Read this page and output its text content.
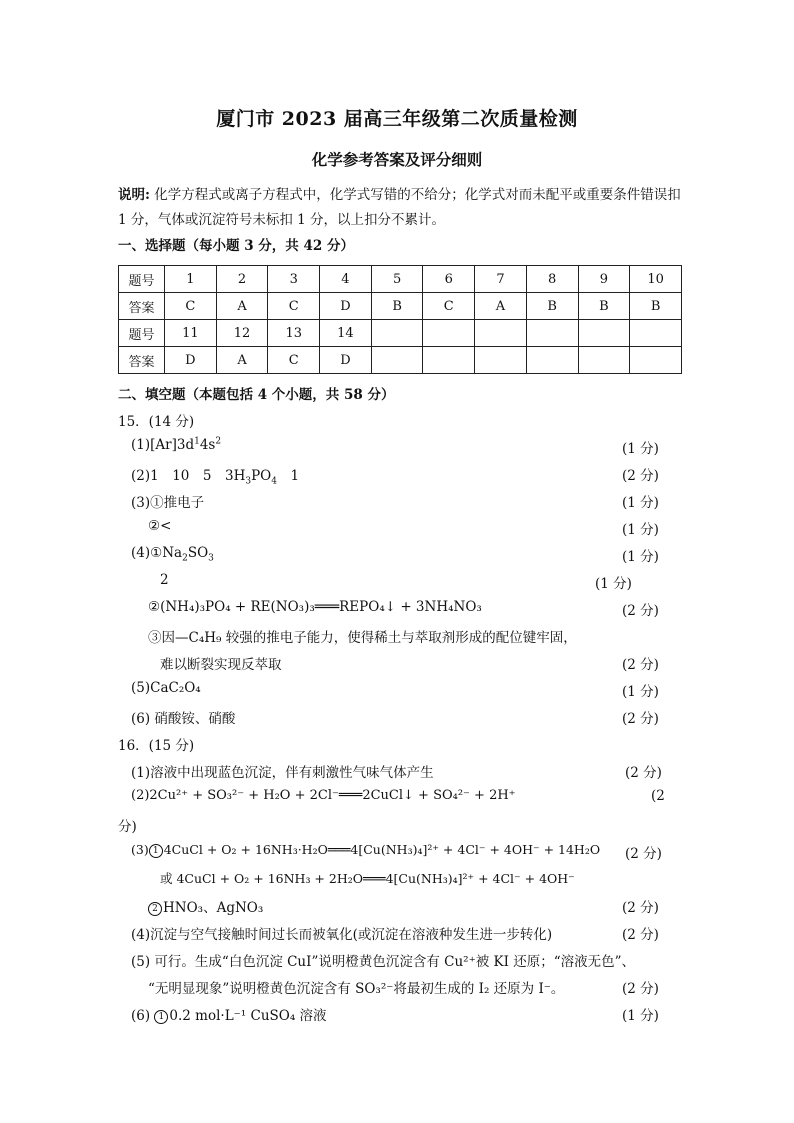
厦门市 2023 届高三年级第二次质量检测
化学参考答案及评分细则
说明: 化学方程式或离子方程式中，化学式写错的不给分；化学式对而未配平或重要条件错误扣 1 分，气体或沉淀符号未标扣 1 分，以上扣分不累计。
一、选择题（每小题 3 分，共 42 分）
题号	1	2	3	4	5	6	7	8	9	10
答案	C	A	C	D	B	C	A	B	B	B
题号	11	12	13	14						
答案	D	A	C	D						
二、填空题（本题包括 4 个小题，共 58 分）
15．(14 分)
$(1)[Ar]3d^14s^2$	(1 分)
(2)1　10　5　$3H_3PO_4$　1	(2 分)
(3)①推电子	(1 分)
②<	(1 分)
$(4)①Na_2SO_3$	(1 分)
2	(1 分)
②(NH₄)₃PO₄ + RE(NO₃)₃═══REPO₄↓ + 3NH₄NO₃	(2 分)
③因—C₄H₉ 较强的推电子能力，使得稀土与萃取剂形成的配位键牢固，
难以断裂实现反萃取	(2 分)
(5)CaC₂O₄	(1 分)
(6) 硝酸铵、硝酸	(2 分)
16．(15 分)
(1)溶液中出现蓝色沉淀，伴有刺激性气味气体产生	(2 分)
(2)2Cu²⁺ + SO₃²⁻ + H₂O + 2Cl⁻═══2CuCl↓ + SO₄²⁻ + 2H⁺	(2
分)
(3) 1 4CuCl + O₂ + 16NH₃·H₂O═══4[Cu(NH₃)₄]²⁺ + 4Cl⁻ + 4OH⁻ + 14H₂O (2 分)
或 4CuCl + O₂ + 16NH₃ + 2H₂O═══4[Cu(NH₃)₄]²⁺ + 4Cl⁻ + 4OH⁻
2 HNO₃、AgNO₃	(2 分)
(4)沉淀与空气接触时间过长而被氧化(或沉淀在溶液种发生进一步转化)	(2 分)
(5) 可行。生成“白色沉淀 CuI”说明橙黄色沉淀含有 Cu²⁺被 KI 还原；“溶液无色”、
“无明显现象”说明橙黄色沉淀含有 SO₃²⁻将最初生成的 I₂ 还原为 I⁻。	(2 分)
(6) 1 0.2 mol·L⁻¹ CuSO₄ 溶液	(1 分)
